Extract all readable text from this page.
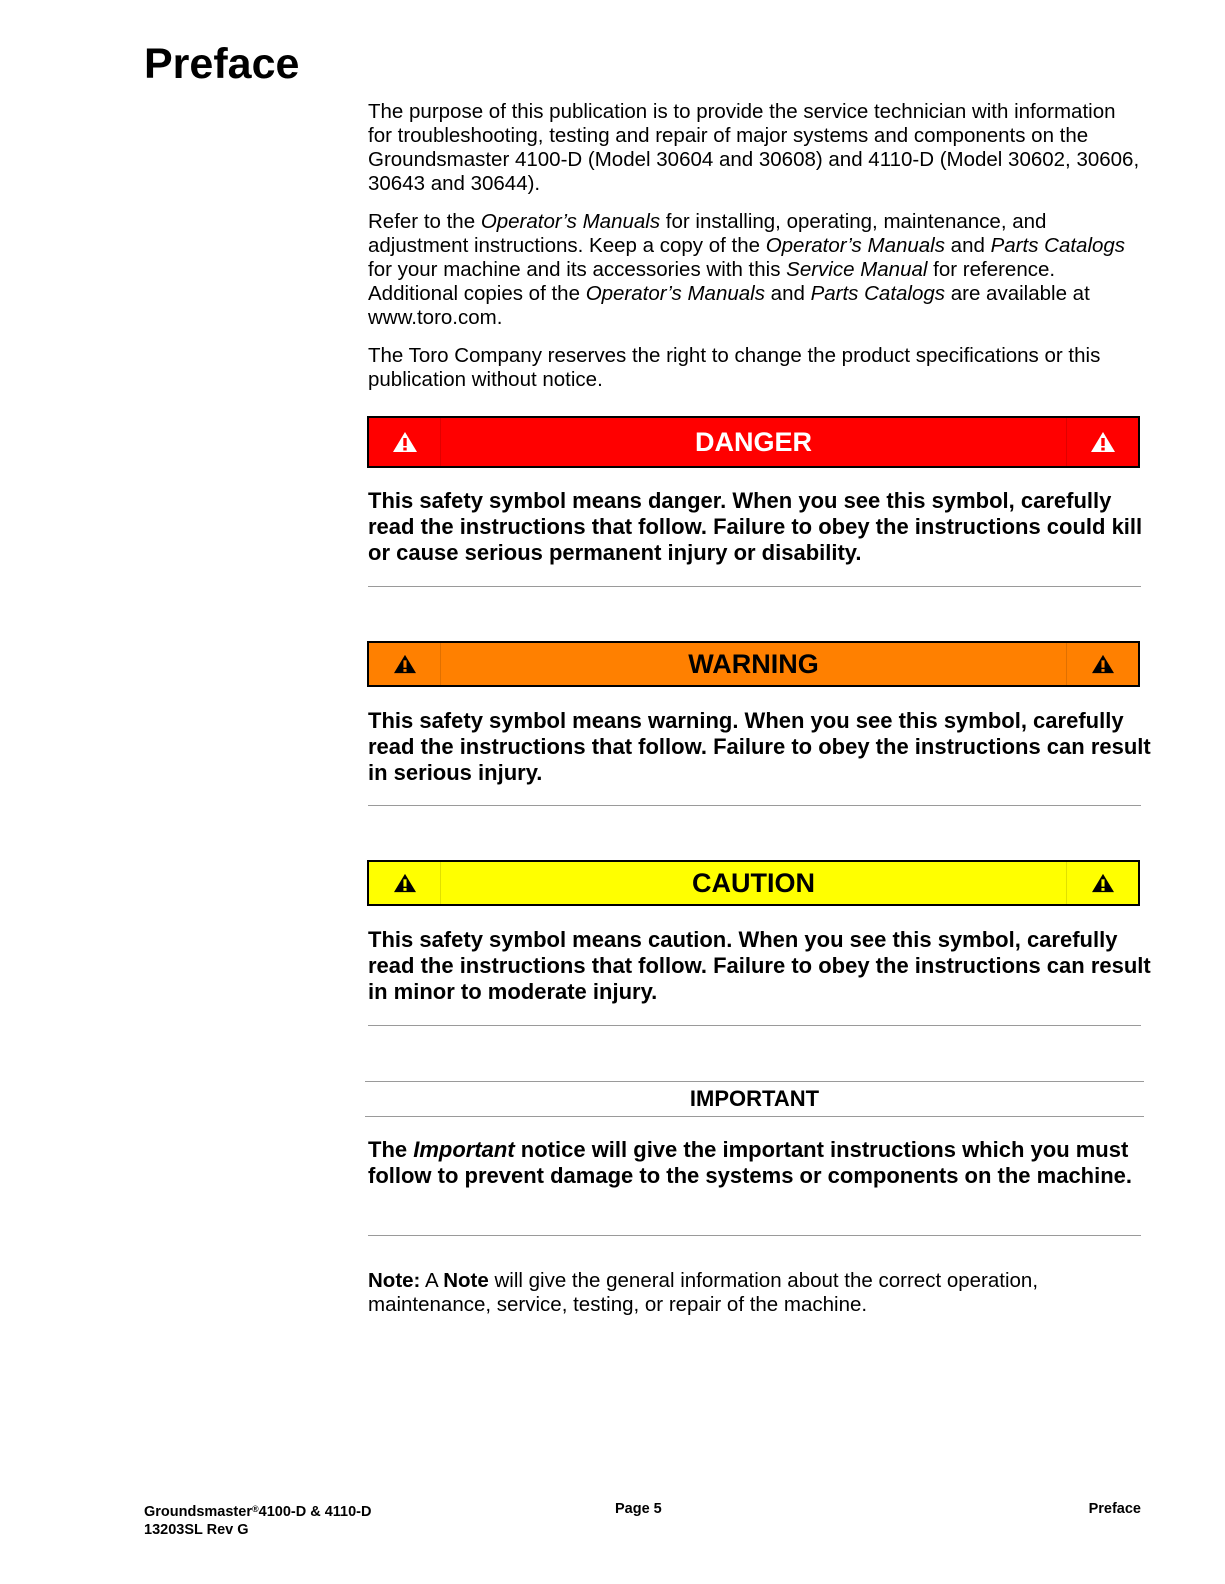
Preface

The purpose of this publication is to provide the service technician with information for troubleshooting, testing and repair of major systems and components on the Groundsmaster 4100-D (Model 30604 and 30608) and 4110-D (Model 30602, 30606, 30643 and 30644).

Refer to the Operator’s Manuals for installing, operating, maintenance, and adjustment instructions. Keep a copy of the Operator’s Manuals and Parts Catalogs for your machine and its accessories with this Service Manual for reference. Additional copies of the Operator’s Manuals and Parts Catalogs are available at www.toro.com.

The Toro Company reserves the right to change the product specifications or this publication without notice.

DANGER

This safety symbol means danger. When you see this symbol, carefully read the instructions that follow. Failure to obey the instructions could kill or cause serious permanent injury or disability.

WARNING

This safety symbol means warning. When you see this symbol, carefully read the instructions that follow. Failure to obey the instructions can result in serious injury.

CAUTION

This safety symbol means caution. When you see this symbol, carefully read the instructions that follow. Failure to obey the instructions can result in minor to moderate injury.

IMPORTANT

The Important notice will give the important instructions which you must follow to prevent damage to the systems or components on the machine.

Note: A Note will give the general information about the correct operation, maintenance, service, testing, or repair of the machine.

Groundsmaster®4100-D & 4110-D
13203SL Rev G
Page 5	Preface
